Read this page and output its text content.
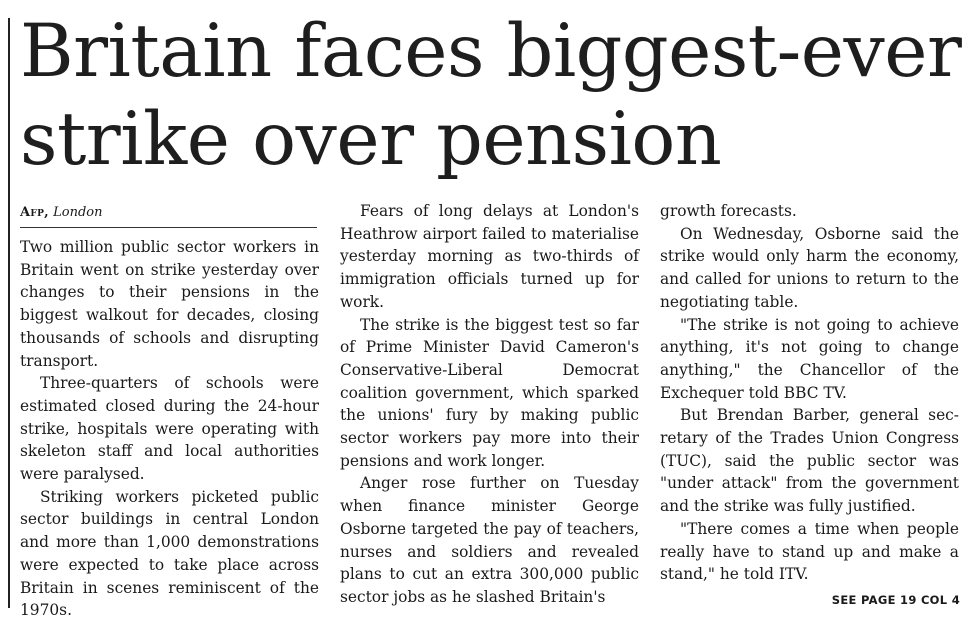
Britain faces biggest-ever
strike over pension
Afp, London

Two million public sector workers in Britain went on strike yesterday over changes to their pensions in the biggest walkout for decades, closing thousands of schools and disrupting transport.

Three-quarters of schools were estimated closed during the 24-hour strike, hospitals were operating with skeleton staff and local authorities were paralysed.

Striking workers picketed public sector buildings in central London and more than 1,000 demonstrations were expected to take place across Britain in scenes reminiscent of the 1970s.

Fears of long delays at London's Heathrow airport failed to materialise yesterday morning as two-thirds of immigration officials turned up for work.

The strike is the biggest test so far of Prime Minister David Cameron's Conservative-Liberal Democrat coalition government, which sparked the unions' fury by making public sector workers pay more into their pensions and work longer.

Anger rose further on Tuesday when finance minister George Osborne targeted the pay of teachers, nurses and soldiers and revealed plans to cut an extra 300,000 public sector jobs as he slashed Britain's

growth forecasts.

On Wednesday, Osborne said the strike would only harm the economy, and called for unions to return to the negotiating table.

"The strike is not going to achieve anything, it's not going to change anything," the Chancellor of the Exchequer told BBC TV.

But Brendan Barber, general secretary of the Trades Union Congress (TUC), said the public sector was "under attack" from the government and the strike was fully justified.

"There comes a time when people really have to stand up and make a stand," he told ITV.

SEE PAGE 19 COL 4
